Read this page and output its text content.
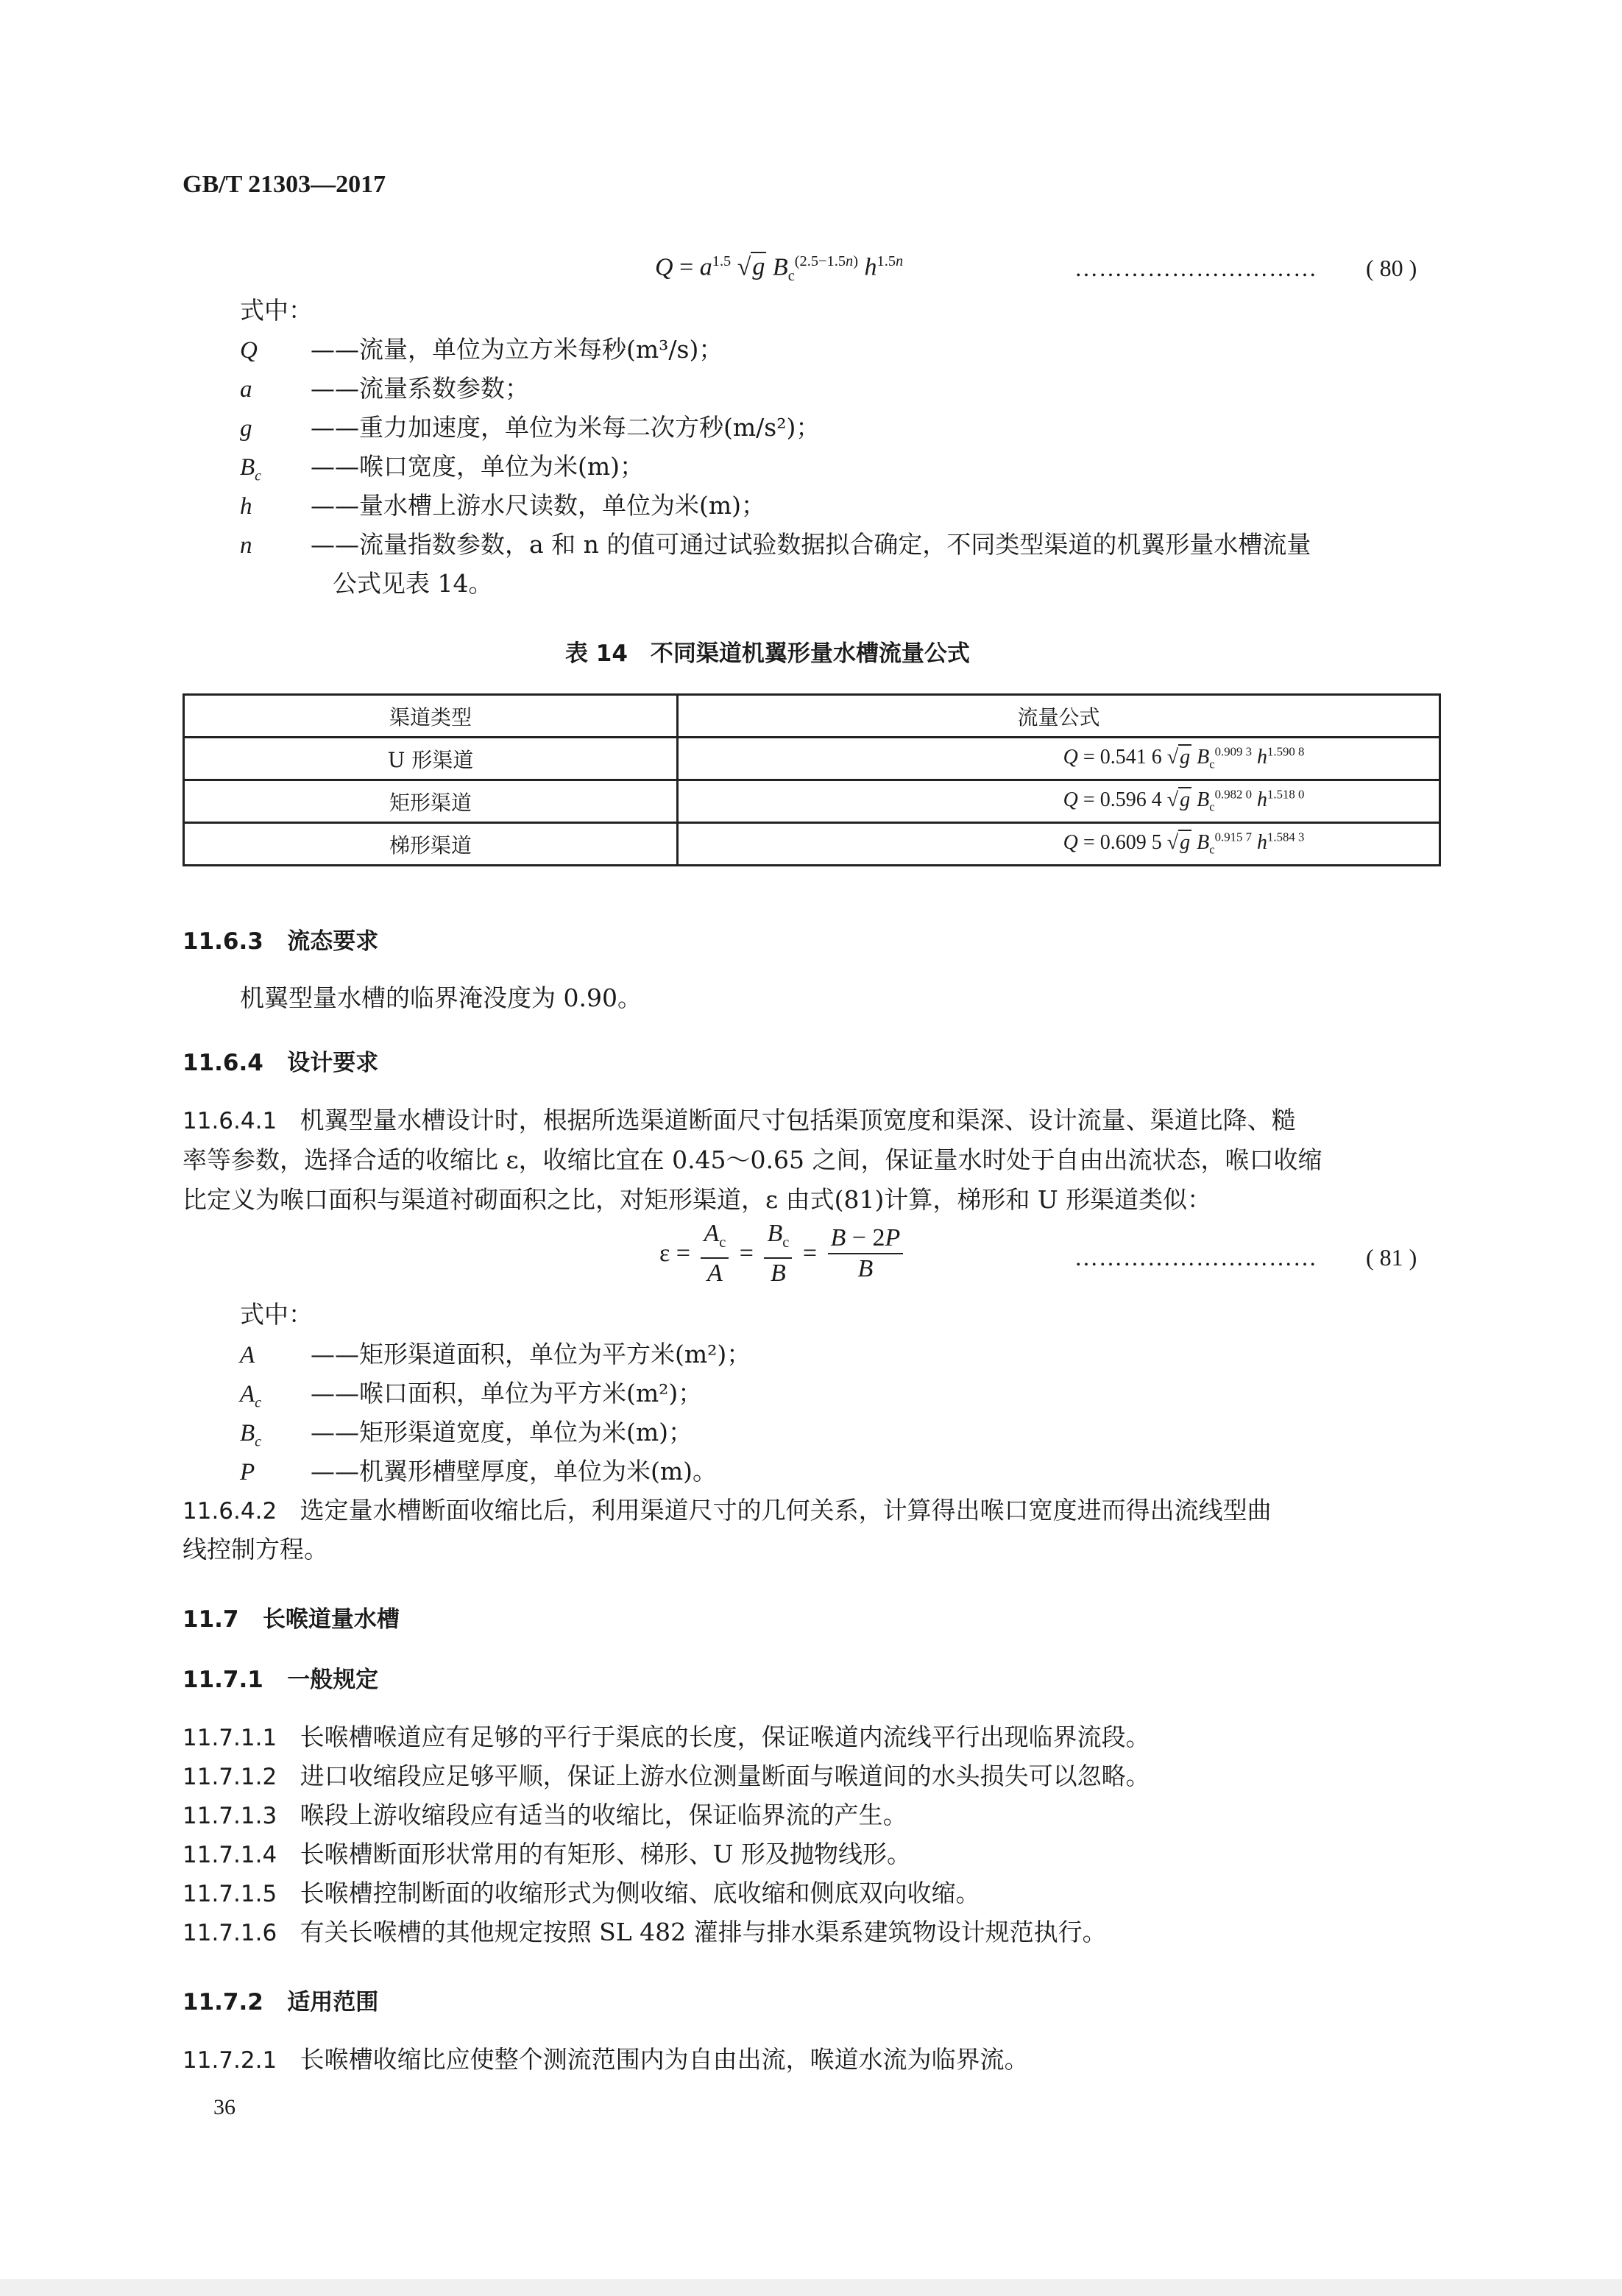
GB/T 21303—2017
$Q = a^{1.5}$ √g $B_c^{(2.5-1.5n)}$ $h^{1.5n}$	………………………… ( 80 )
式中：
Q ——流量，单位为立方米每秒(m³/s)；
a ——流量系数参数；
g ——重力加速度，单位为米每二次方秒(m/s²)；
$B_c$ ——喉口宽度，单位为米(m)；
h ——量水槽上游水尺读数，单位为米(m)；
n ——流量指数参数，a 和 n 的值可通过试验数据拟合确定，不同类型渠道的机翼形量水槽流量
公式见表 14。
表 14　不同渠道机翼形量水槽流量公式
渠道类型	流量公式
U 形渠道	Q = 0.541 6 √g $B_c^{0.909 3}$ $h^{1.590 8}$
矩形渠道	Q = 0.596 4 √g $B_c^{0.982 0}$ $h^{1.518 0}$
梯形渠道	Q = 0.609 5 √g $B_c^{0.915 7}$ $h^{1.584 3}$
11.6.3 流态要求
机翼型量水槽的临界淹没度为 0.90。
11.6.4 设计要求
11.6.4.1 机翼型量水槽设计时，根据所选渠道断面尺寸包括渠顶宽度和渠深、设计流量、渠道比降、糙
率等参数，选择合适的收缩比 ε，收缩比宜在 0.45～0.65 之间，保证量水时处于自由出流状态，喉口收缩
比定义为喉口面积与渠道衬砌面积之比，对矩形渠道，ε 由式(81)计算，梯形和 U 形渠道类似：
$\varepsilon = \frac{A_c}{A} = \frac{B_c}{B} = \frac{B - 2P}{B}$	………………………… ( 81 )
式中：
A ——矩形渠道面积，单位为平方米(m²)；
$A_c$ ——喉口面积，单位为平方米(m²)；
$B_c$ ——矩形渠道宽度，单位为米(m)；
P ——机翼形槽壁厚度，单位为米(m)。
11.6.4.2 选定量水槽断面收缩比后，利用渠道尺寸的几何关系，计算得出喉口宽度进而得出流线型曲
线控制方程。
11.7 长喉道量水槽
11.7.1 一般规定
11.7.1.1 长喉槽喉道应有足够的平行于渠底的长度，保证喉道内流线平行出现临界流段。
11.7.1.2 进口收缩段应足够平顺，保证上游水位测量断面与喉道间的水头损失可以忽略。
11.7.1.3 喉段上游收缩段应有适当的收缩比，保证临界流的产生。
11.7.1.4 长喉槽断面形状常用的有矩形、梯形、U 形及抛物线形。
11.7.1.5 长喉槽控制断面的收缩形式为侧收缩、底收缩和侧底双向收缩。
11.7.1.6 有关长喉槽的其他规定按照 SL 482 灌排与排水渠系建筑物设计规范执行。
11.7.2 适用范围
11.7.2.1 长喉槽收缩比应使整个测流范围内为自由出流，喉道水流为临界流。
36
